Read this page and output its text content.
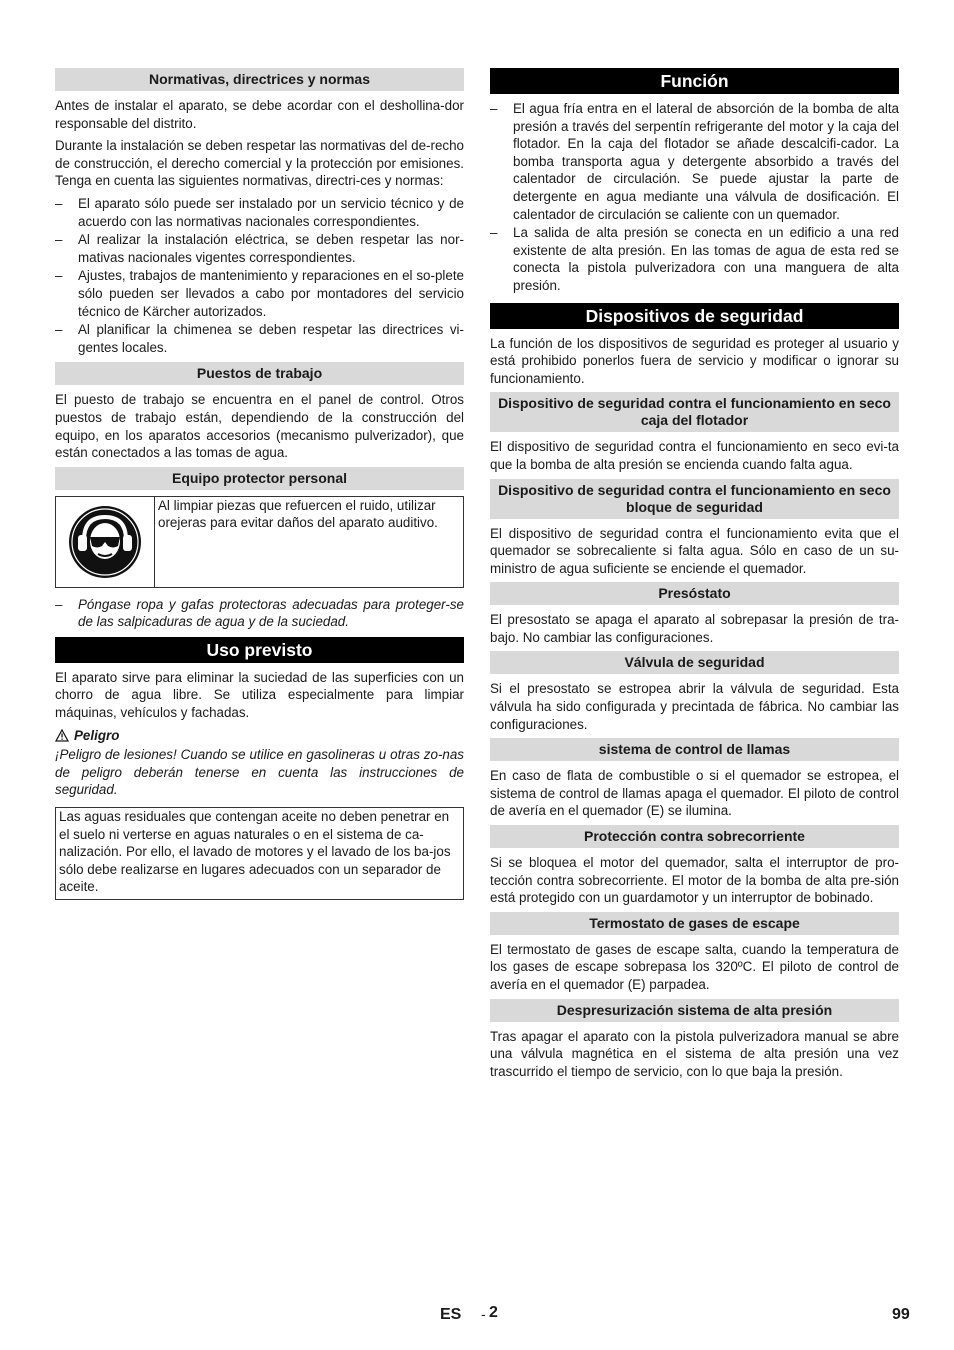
Normativas, directrices y normas

Antes de instalar el aparato, se debe acordar con el deshollina-dor responsable del distrito.

Durante la instalación se deben respetar las normativas del de-recho de construcción, el derecho comercial y la protección por emisiones. Tenga en cuenta las siguientes normativas, directri-ces y normas:

– El aparato sólo puede ser instalado por un servicio técnico y de acuerdo con las normativas nacionales correspondientes.
– Al realizar la instalación eléctrica, se deben respetar las nor-mativas nacionales vigentes correspondientes.
– Ajustes, trabajos de mantenimiento y reparaciones en el so-plete sólo pueden ser llevados a cabo por montadores del servicio técnico de Kärcher autorizados.
– Al planificar la chimenea se deben respetar las directrices vi-gentes locales.
Puestos de trabajo

El puesto de trabajo se encuentra en el panel de control. Otros puestos de trabajo están, dependiendo de la construcción del equipo, en los aparatos accesorios (mecanismo pulverizador), que están conectados a las tomas de agua.

Equipo protector personal
Al limpiar piezas que refuercen el ruido, utilizar orejeras para evitar daños del aparato auditivo.
– Póngase ropa y gafas protectoras adecuadas para proteger-se de las salpicaduras de agua y de la suciedad.
Uso previsto

El aparato sirve para eliminar la suciedad de las superficies con un chorro de agua libre. Se utiliza especialmente para limpiar máquinas, vehículos y fachadas.

Peligro

¡Peligro de lesiones! Cuando se utilice en gasolineras u otras zo-nas de peligro deberán tenerse en cuenta las instrucciones de seguridad.

Las aguas residuales que contengan aceite no deben penetrar en el suelo ni verterse en aguas naturales o en el sistema de ca-nalización. Por ello, el lavado de motores y el lavado de los ba-jos sólo debe realizarse en lugares adecuados con un separador de aceite.
Función
– El agua fría entra en el lateral de absorción de la bomba de alta presión a través del serpentín refrigerante del motor y la caja del flotador. En la caja del flotador se añade descalcifi-cador. La bomba transporta agua y detergente absorbido a través del calentador de circulación. Se puede ajustar la parte de detergente en agua mediante una válvula de dosificación. El calentador de circulación se caliente con un quemador.
– La salida de alta presión se conecta en un edificio a una red existente de alta presión. En las tomas de agua de esta red se conecta la pistola pulverizadora con una manguera de alta presión.
Dispositivos de seguridad

La función de los dispositivos de seguridad es proteger al usuario y está prohibido ponerlos fuera de servicio y modificar o ignorar su funcionamiento.

Dispositivo de seguridad contra el funcionamiento en seco caja del flotador

El dispositivo de seguridad contra el funcionamiento en seco evi-ta que la bomba de alta presión se encienda cuando falta agua.

Dispositivo de seguridad contra el funcionamiento en seco bloque de seguridad

El dispositivo de seguridad contra el funcionamiento evita que el quemador se sobrecaliente si falta agua. Sólo en caso de un su-ministro de agua suficiente se enciende el quemador.

Presóstato

El presostato se apaga el aparato al sobrepasar la presión de tra-bajo. No cambiar las configuraciones.

Válvula de seguridad

Si el presostato se estropea abrir la válvula de seguridad. Esta válvula ha sido configurada y precintada de fábrica. No cambiar las configuraciones.

sistema de control de llamas

En caso de flata de combustible o si el quemador se estropea, el sistema de control de llamas apaga el quemador. El piloto de control de avería en el quemador (E) se ilumina.

Protección contra sobrecorriente

Si se bloquea el motor del quemador, salta el interruptor de pro-tección contra sobrecorriente. El motor de la bomba de alta pre-sión está protegido con un guardamotor y un interruptor de bobinado.

Termostato de gases de escape

El termostato de gases de escape salta, cuando la temperatura de los gases de escape sobrepasa los 320ºC. El piloto de control de avería en el quemador (E) parpadea.

Despresurización sistema de alta presión

Tras apagar el aparato con la pistola pulverizadora manual se abre una válvula magnética en el sistema de alta presión una vez trascurrido el tiempo de servicio, con lo que baja la presión.

ES - 2	99
